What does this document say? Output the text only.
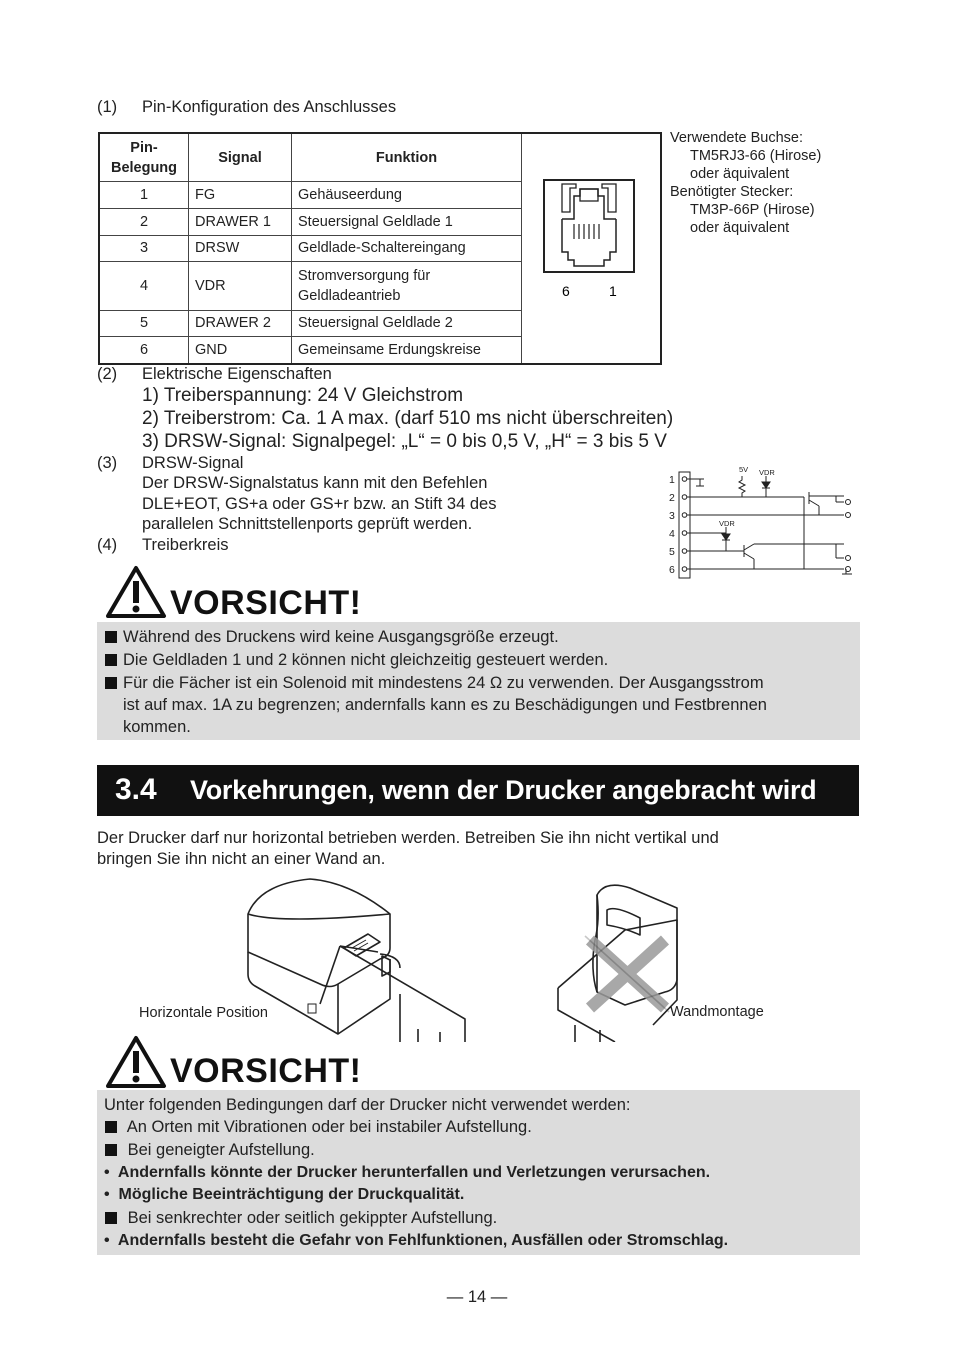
(1) Pin-Konfiguration des Anschlusses
Pin-
Belegung	Signal	Funktion	6 1

1	FG	Gehäuseerdung	
2	DRAWER 1	Steuersignal Geldlade 1	
3	DRSW	Geldlade-Schaltereingang	
4	VDR	Stromversorgung für Geldladeantrieb	
5	DRAWER 2	Steuersignal Geldlade 2	
6	GND	Gemeinsame Erdungskreise	
Verwendete Buchse:
TM5RJ3-66 (Hirose)
oder äquivalent
Benötigter Stecker:
TM3P-66P (Hirose)
oder äquivalent
(2) Elektrische Eigenschaften
1) Treiberspannung: 24 V Gleichstrom
2) Treiberstrom: Ca. 1 A max. (darf 510 ms nicht überschreiten)
3) DRSW-Signal: Signalpegel: „L“ = 0 bis 0,5 V, „H“ = 3 bis 5 V
(3) DRSW-Signal
Der DRSW-Signalstatus kann mit den Befehlen
DLE+EOT, GS+a oder GS+r bzw. an Stift 34 des
parallelen Schnittstellenports geprüft werden.
(4) Treiberkreis
1
2
3
4
5
6
5V VDR
VDR
VORSICHT!
Während des Druckens wird keine Ausgangsgröße erzeugt.
Die Geldladen 1 und 2 können nicht gleichzeitig gesteuert werden.
Für die Fächer ist ein Solenoid mit mindestens 24 Ω zu verwenden. Der Ausgangsstrom
ist auf max. 1A zu begrenzen; andernfalls kann es zu Beschädigungen und Festbrennen
kommen.
3.4 Vorkehrungen, wenn der Drucker angebracht wird
Der Drucker darf nur horizontal betrieben werden. Betreiben Sie ihn nicht vertikal und
bringen Sie ihn nicht an einer Wand an.
Horizontale Position	Wandmontage
VORSICHT!
Unter folgenden Bedingungen darf der Drucker nicht verwendet werden:
An Orten mit Vibrationen oder bei instabiler Aufstellung.
Bei geneigter Aufstellung.
•  Andernfalls könnte der Drucker herunterfallen und Verletzungen verursachen.
•  Mögliche Beeinträchtigung der Druckqualität.
Bei senkrechter oder seitlich gekippter Aufstellung.
•  Andernfalls besteht die Gefahr von Fehlfunktionen, Ausfällen oder Stromschlag.
— 14 —
